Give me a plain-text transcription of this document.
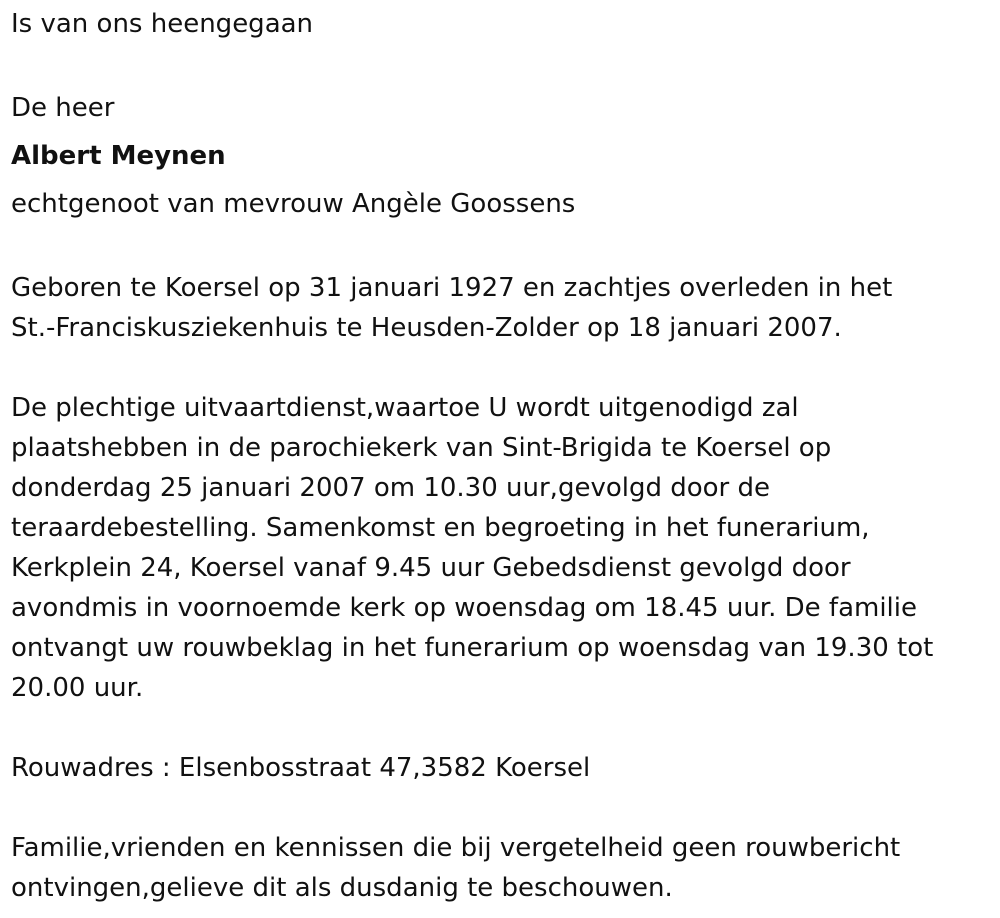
Is van ons heengegaan

De heer

Albert Meynen

echtgenoot van mevrouw Angèle Goossens

Geboren te Koersel op 31 januari 1927 en zachtjes overleden in het

St.-Franciskusziekenhuis te Heusden-Zolder op 18 januari 2007.

De plechtige uitvaartdienst,waartoe U wordt uitgenodigd zal

plaatshebben in de parochiekerk van Sint-Brigida te Koersel op

donderdag 25 januari 2007 om 10.30 uur,gevolgd door de

teraardebestelling. Samenkomst en begroeting in het funerarium,

Kerkplein 24, Koersel vanaf 9.45 uur Gebedsdienst gevolgd door

avondmis in voornoemde kerk op woensdag om 18.45 uur. De familie

ontvangt uw rouwbeklag in het funerarium op woensdag van 19.30 tot

20.00 uur.

Rouwadres : Elsenbosstraat 47,3582 Koersel

Familie,vrienden en kennissen die bij vergetelheid geen rouwbericht

ontvingen,gelieve dit als dusdanig te beschouwen.
